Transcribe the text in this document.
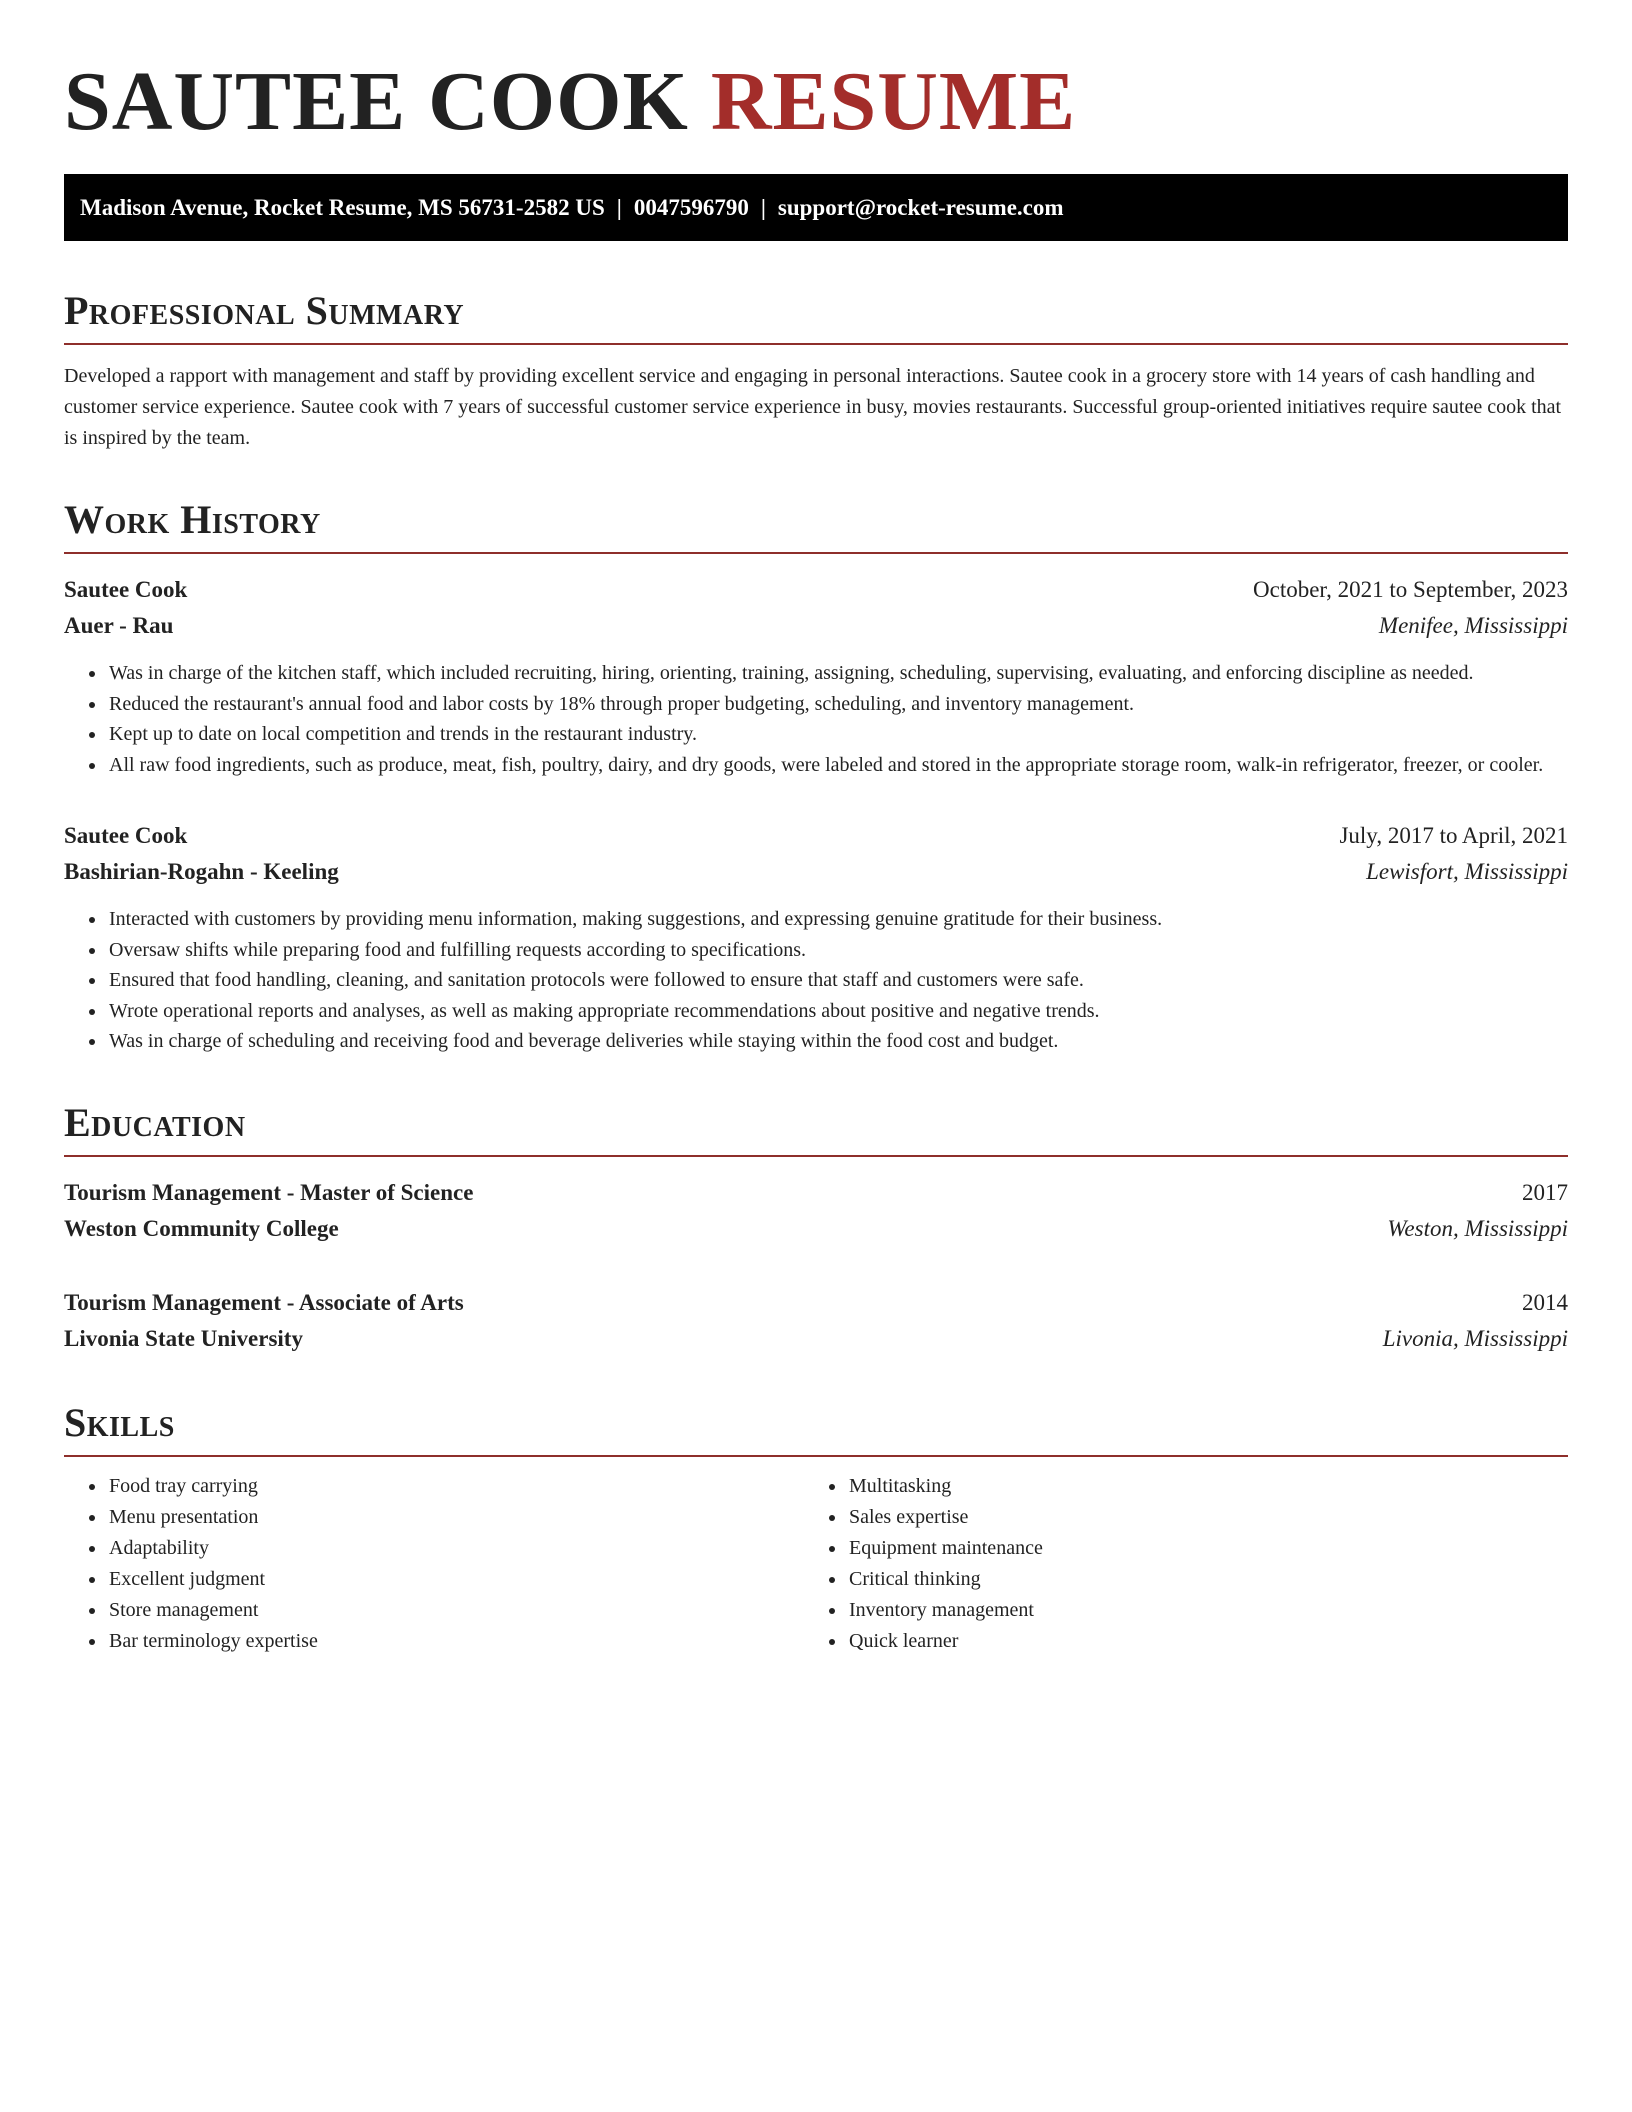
SAUTEE COOK RESUME
Madison Avenue, Rocket Resume, MS 56731-2582 US | 0047596790 | support@rocket-resume.com
Professional Summary

Developed a rapport with management and staff by providing excellent service and engaging in personal interactions. Sautee cook in a grocery store with 14 years of cash handling and customer service experience. Sautee cook with 7 years of successful customer service experience in busy, movies restaurants. Successful group-oriented initiatives require sautee cook that is inspired by the team.

Work History
Sautee Cook	October, 2021 to September, 2023
Auer - Rau	Menifee, Mississippi
• Was in charge of the kitchen staff, which included recruiting, hiring, orienting, training, assigning, scheduling, supervising, evaluating, and enforcing discipline as needed.
• Reduced the restaurant's annual food and labor costs by 18% through proper budgeting, scheduling, and inventory management.
• Kept up to date on local competition and trends in the restaurant industry.
• All raw food ingredients, such as produce, meat, fish, poultry, dairy, and dry goods, were labeled and stored in the appropriate storage room, walk-in refrigerator, freezer, or cooler.
Sautee Cook	July, 2017 to April, 2021
Bashirian-Rogahn - Keeling	Lewisfort, Mississippi
• Interacted with customers by providing menu information, making suggestions, and expressing genuine gratitude for their business.
• Oversaw shifts while preparing food and fulfilling requests according to specifications.
• Ensured that food handling, cleaning, and sanitation protocols were followed to ensure that staff and customers were safe.
• Wrote operational reports and analyses, as well as making appropriate recommendations about positive and negative trends.
• Was in charge of scheduling and receiving food and beverage deliveries while staying within the food cost and budget.
Education
Tourism Management - Master of Science	2017
Weston Community College	Weston, Mississippi
Tourism Management - Associate of Arts	2014
Livonia State University	Livonia, Mississippi
Skills
• Food tray carrying
• Menu presentation
• Adaptability
• Excellent judgment
• Store management
• Bar terminology expertise
• Multitasking
• Sales expertise
• Equipment maintenance
• Critical thinking
• Inventory management
• Quick learner
